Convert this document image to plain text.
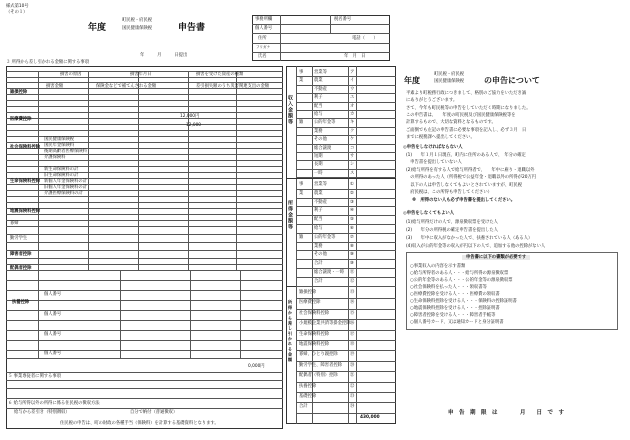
様式第10号
（その１）
年度
町民税・府民税
国民健康保険税	申告書
事務所欄	税名番号
個人番号
住所
フリガナ
氏名
電話（　　）
年　月　日
年　　　月　　　日提出
３ 所得から差し引かれる金額に関する事項
雑損控除
損害の原因	損害年月日	損害を受けた資産の種類
損害金額	保険金などで補てんされる金額	差引損失額のうち災害関連支出の金額
医療費控除
12,000円
12,000
社会保険料控除
国民健康保険税
国民年金保険料
後期高齢者医療保険料
介護保険料
生命保険料控除
新生命保険料の計
旧生命保険料の計
新個人年金保険料の計
旧個人年金保険料の計
介護医療保険料の計
地震保険料控除
寡婦
勤労学生
障害者控除
配偶者控除
扶養控除
個人番号
個人番号
個人番号
個人番号
0,000円
５ 事業専従者に関する事項
６ 給与所得以外の所得に係る住民税の徴収方法
給与から差引き（特別徴収）	自分で納付（普通徴収）
住民税の申告は、町の財政の各種手当（保険料）を計算する基礎資料となります。
収入金額等
所得金額等
所得から差し引かれる金額
事 営業等	ア
業 農業	イ
不動産	ウ
利子	エ
配当	オ
給与	カ
雑 公的年金等	キ
業務	ク
その他	ケ
総合譲渡	コ
短期	サ
長期	シ
一時	ス
事 営業等	①
業 農業	②
不動産	③
利子	④
配当	⑤
給与	⑥
雑 公的年金等	⑦
業務	⑧
その他	⑨
合計	⑩
総合譲渡・一時 ⑪
合計	⑫
雑損控除	⑬
医療費控除	⑭
社会保険料控除	⑮
小規模企業共済等掛金控除 ⑯
生命保険料控除	⑰
地震保険料控除	⑱
寡婦、ひとり親控除	⑲
勤労学生、障害者控除 ⑳
配偶者（特別）控除	㉑
扶養控除	㉒
基礎控除	㉓
合計	㉔
430,000
年度
町民税・府民税
国民健康保険税 の申告について
平素より町税務行政につきまして、格別のご協力をいただき誠
にありがとうございます。
さて、今年も町民税等の申告をしていただく時期になりました。
この申告書は、　　年度の町民税及び国民健康保険税等を
計算するもので、大切な資料となるものです。
ご面倒でも左記の申告書に必要な事項を記入し、必ず３月　日
までに税務課へ提出してください。
◎申告をしなければならない人
(1)　　年１月１日現在、町内に住所のある人で、　年分の確定
　申告書を提出していない人
(2)給与所得を有する人で給与所得者で、　　年中に雇り・退職以外
　の所得のあった人（所得税で公益年金・退職以外の所得が20万円
　以下の人は申告しなくてもよいとされていますが、町民税
　府民税は、この所得も申告してください）
※　所得のない人も必ず申告書を提出してください。
◎申告をしなくてもよい人
(1)給与所得だけの人で、源泉徴収票を受けた人
(2)　　年分の所得税の確定申告書を提出した人
(3)　　年中に収入がなかった人で、扶養されている人（ある人）
(4)収入が公的年金等の収入が円以下の人で、追加する他の控除がない人
申告書に以下の書類が必要です
○事業収入の内容を示す書類
○給与所得者のある人・・・給与所得の源泉徴収票
○公的年金等のある人・・・公的年金等の源泉徴収票
○社会保険料を払った人・・・領収書等
○医療費控除を受ける人・・・医療費の領収書
○生命保険料控除を受ける人・・・保険料の控除証明書
○地震保険料控除を受ける人・・・控除証明書
○障害者控除を受ける人・・・障害者手帳等
○個人番号カード、又は通知カードと身分証明書
申　告　期　限　は	月　　日　で　す
